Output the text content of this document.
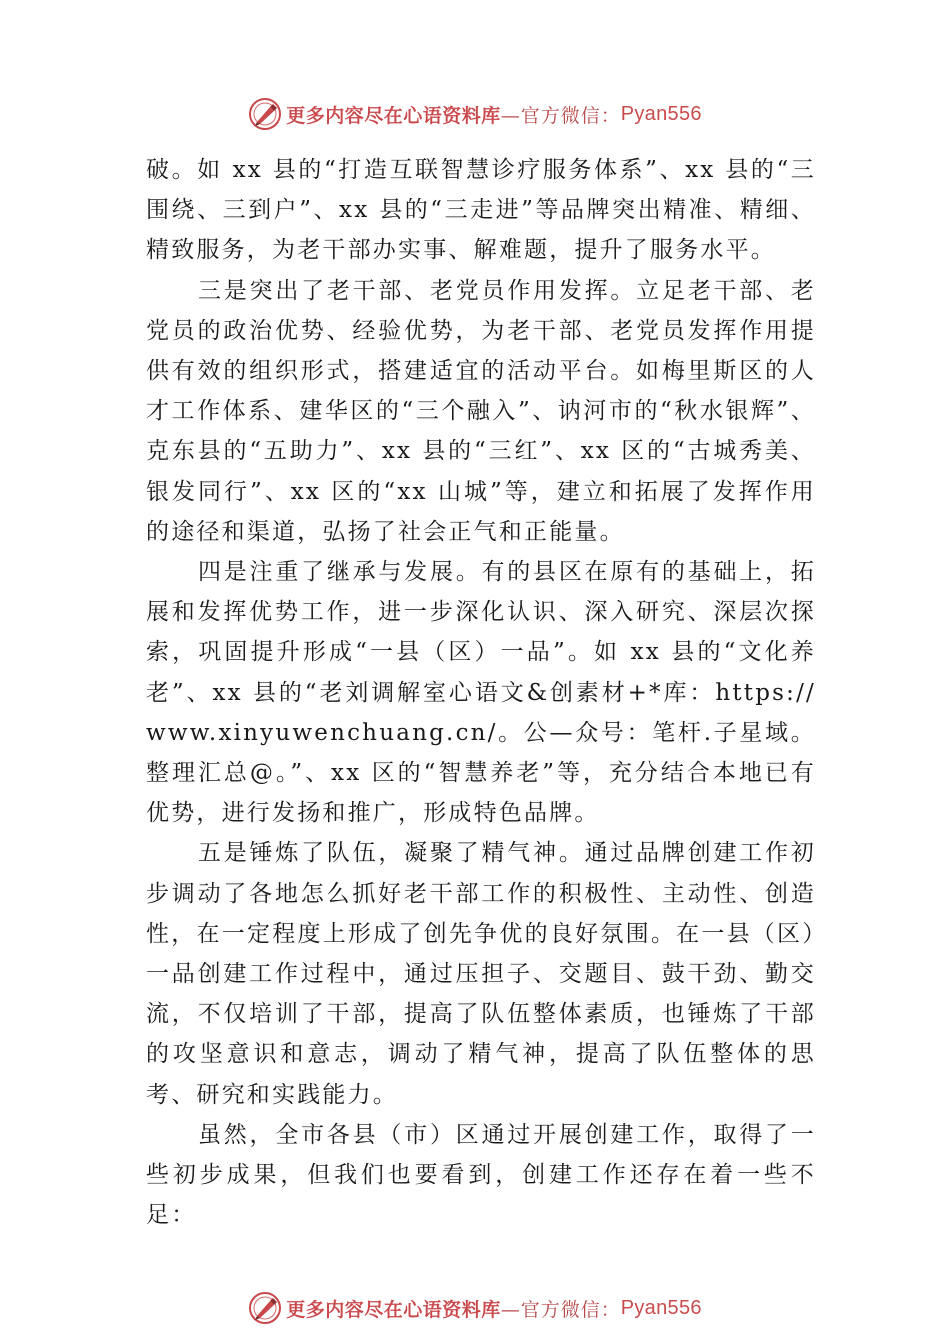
更多内容尽在心语资料库 —官方微信： Pyan556

破。如 xx 县的“打造互联智慧诊疗服务体系”、xx 县的“三围绕、三到户”、xx 县的“三走进”等品牌突出精准、精细、精致服务，为老干部办实事、解难题，提升了服务水平。

三是突出了老干部、老党员作用发挥。立足老干部、老党员的政治优势、经验优势，为老干部、老党员发挥作用提供有效的组织形式，搭建适宜的活动平台。如梅里斯区的人才工作体系、建华区的“三个融入”、讷河市的“秋水银辉”、克东县的“五助力”、xx 县的“三红”、xx 区的“古城秀美、银发同行”、xx 区的“xx 山城”等，建立和拓展了发挥作用的途径和渠道，弘扬了社会正气和正能量。

四是注重了继承与发展。有的县区在原有的基础上，拓展和发挥优势工作，进一步深化认识、深入研究、深层次探索，巩固提升形成“一县（区）一品”。如 xx 县的“文化养老”、xx 县的“老刘调解室心语文&创素材+*库：https://www.xinyuwenchuang.cn/。公—众号：笔杆.子星域。整理汇总@。”、xx 区的“智慧养老”等，充分结合本地已有优势，进行发扬和推广，形成特色品牌。

五是锤炼了队伍，凝聚了精气神。通过品牌创建工作初步调动了各地怎么抓好老干部工作的积极性、主动性、创造性，在一定程度上形成了创先争优的良好氛围。在一县（区）一品创建工作过程中，通过压担子、交题目、鼓干劲、勤交流，不仅培训了干部，提高了队伍整体素质，也锤炼了干部的攻坚意识和意志，调动了精气神，提高了队伍整体的思考、研究和实践能力。

虽然，全市各县（市）区通过开展创建工作，取得了一些初步成果，但我们也要看到，创建工作还存在着一些不足：

更多内容尽在心语资料库 —官方微信： Pyan556
